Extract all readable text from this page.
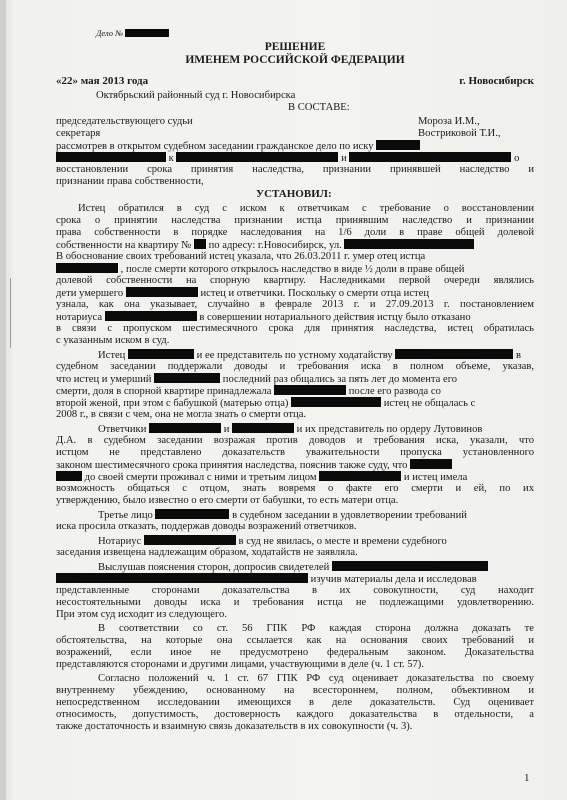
Дело №
РЕШЕНИЕ
ИМЕНЕМ РОССИЙСКОЙ ФЕДЕРАЦИИ
«22» мая 2013 года	г. Новосибирск
Октябрьский районный суд г. Новосибирска
В СОСТАВЕ:
председательствующего судьи	Мороза И.М.,
секретаря	Востриковой Т.И.,
рассмотрев в открытом судебном заседании гражданское дело по иску
к	и	о
восстановлении срока принятия наследства, признании принявшей наследство и
признании права собственности,
УСТАНОВИЛ:
Истец обратился в суд с иском к ответчикам с требование о восстановлении
срока о принятии наследства признании истца принявшим наследство и признании
права собственности в порядке наследования на 1/6 доли в праве общей долевой
собственности на квартиру № по адресу: г.Новосибирск, ул.
В обоснование своих требований истец указала, что 26.03.2011 г. умер отец истца
, после смерти которого открылось наследство в виде ½ доли в праве общей
долевой собственности на спорную квартиру. Наследниками первой очереди являлись
дети умершего	истец и ответчики. Поскольку о смерти отца истец
узнала, как она указывает, случайно в феврале 2013 г. и 27.09.2013 г. постановлением
нотариуса	в совершении нотариального действия истцу было отказано
в связи с пропуском шестимесячного срока для принятия наследства, истец обратилась
с указанным иском в суд.
Истец	и ее представитель по устному ходатайству	в
судебном заседании поддержали доводы и требования иска в полном объеме, указав,
что истец и умерший	последний раз общались за пять лет до момента его
смерти, доля в спорной квартире принадлежала	после его развода со
второй женой, при этом с бабушкой (матерью отца)	истец не общалась с
2008 г., в связи с чем, она не могла знать о смерти отца.
Ответчики	и	и их представитель по ордеру Лутовинов
Д.А. в судебном заседании возражая против доводов и требования иска, указали, что
истцом не представлено доказательств уважительности пропуска установленного
законом шестимесячного срока принятия наследства, пояснив также суду, что
до своей смерти проживал с ними и третьим лицом	и истец имела
возможность общаться с отцом, знать вовремя о факте его смерти и ей, по их
утверждению, было известно о его смерти от бабушки, то есть матери отца.
Третье лицо	в судебном заседании в удовлетворении требований
иска просила отказать, поддержав доводы возражений ответчиков.
Нотариус	в суд не явилась, о месте и времени судебного
заседания извещена надлежащим образом, ходатайств не заявляла.
Выслушав пояснения сторон, допросив свидетелей
изучив материалы дела и исследовав
представленные сторонами доказательства в их совокупности, суд находит
несостоятельными доводы иска и требования истца не подлежащими удовлетворению.
При этом суд исходит из следующего.
В соответствии со ст. 56 ГПК РФ каждая сторона должна доказать те
обстоятельства, на которые она ссылается как на основания своих требований и
возражений, если иное не предусмотрено федеральным законом. Доказательства
представляются сторонами и другими лицами, участвующими в деле (ч. 1 ст. 57).
Согласно положений ч. 1 ст. 67 ГПК РФ суд оценивает доказательства по своему
внутреннему убеждению, основанному на всестороннем, полном, объективном и
непосредственном исследовании имеющихся в деле доказательств. Суд оценивает
относимость, допустимость, достоверность каждого доказательства в отдельности, а
также достаточность и взаимную связь доказательств в их совокупности (ч. 3).
1
